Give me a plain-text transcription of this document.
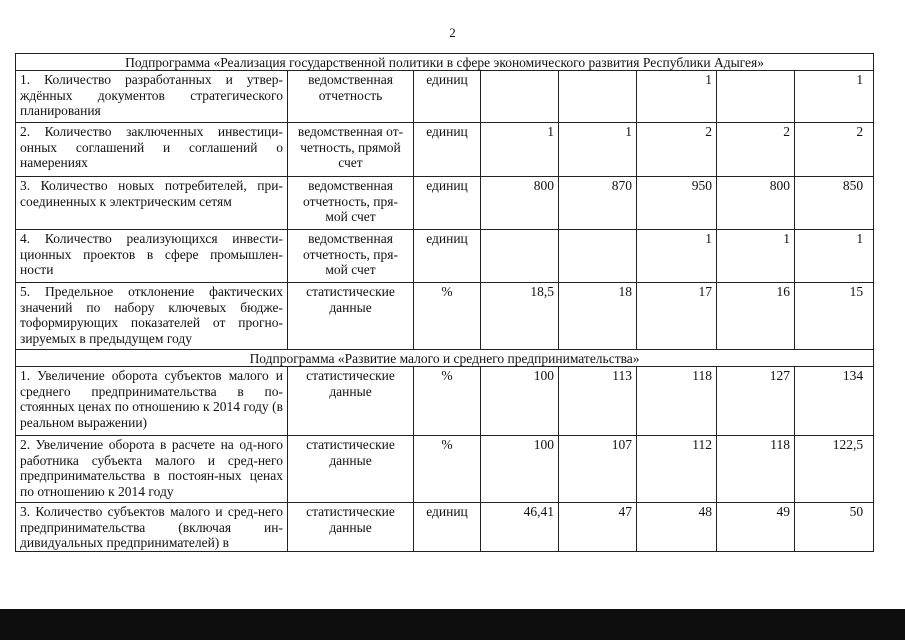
2
Подпрограмма «Реализация государственной политики в сфере экономического развития Республики Адыгея»							
1. Количество разработанных и утвер-ждённых документов стратегического планирования	ведомственная отчетность	единиц			1		1
2. Количество заключенных инвестици-онных соглашений и соглашений о намерениях	ведомственная от-четность, прямой счет	единиц	1	1	2	2	2
3. Количество новых потребителей, при-соединенных к электрическим сетям	ведомственная отчетность, пря-мой счет	единиц	800	870	950	800	850
4. Количество реализующихся инвести-ционных проектов в сфере промышлен-ности	ведомственная отчетность, пря-мой счет	единиц			1	1	1
5. Предельное отклонение фактических значений по набору ключевых бюдже-тоформирующих показателей от прогно-зируемых в предыдущем году	статистические данные	%	18,5	18	17	16	15
Подпрограмма «Развитие малого и среднего предпринимательства»							
1. Увеличение оборота субъектов малого и среднего предпринимательства в по-стоянных ценах по отношению к 2014 году (в реальном выражении)	статистические данные	%	100	113	118	127	134
2. Увеличение оборота в расчете на од-ного работника субъекта малого и сред-него предпринимательства в постоян-ных ценах по отношению к 2014 году	статистические данные	%	100	107	112	118	122,5
3. Количество субъектов малого и сред-него предпринимательства (включая ин-дивидуальных предпринимателей) в	статистические данные	единиц	46,41	47	48	49	50
